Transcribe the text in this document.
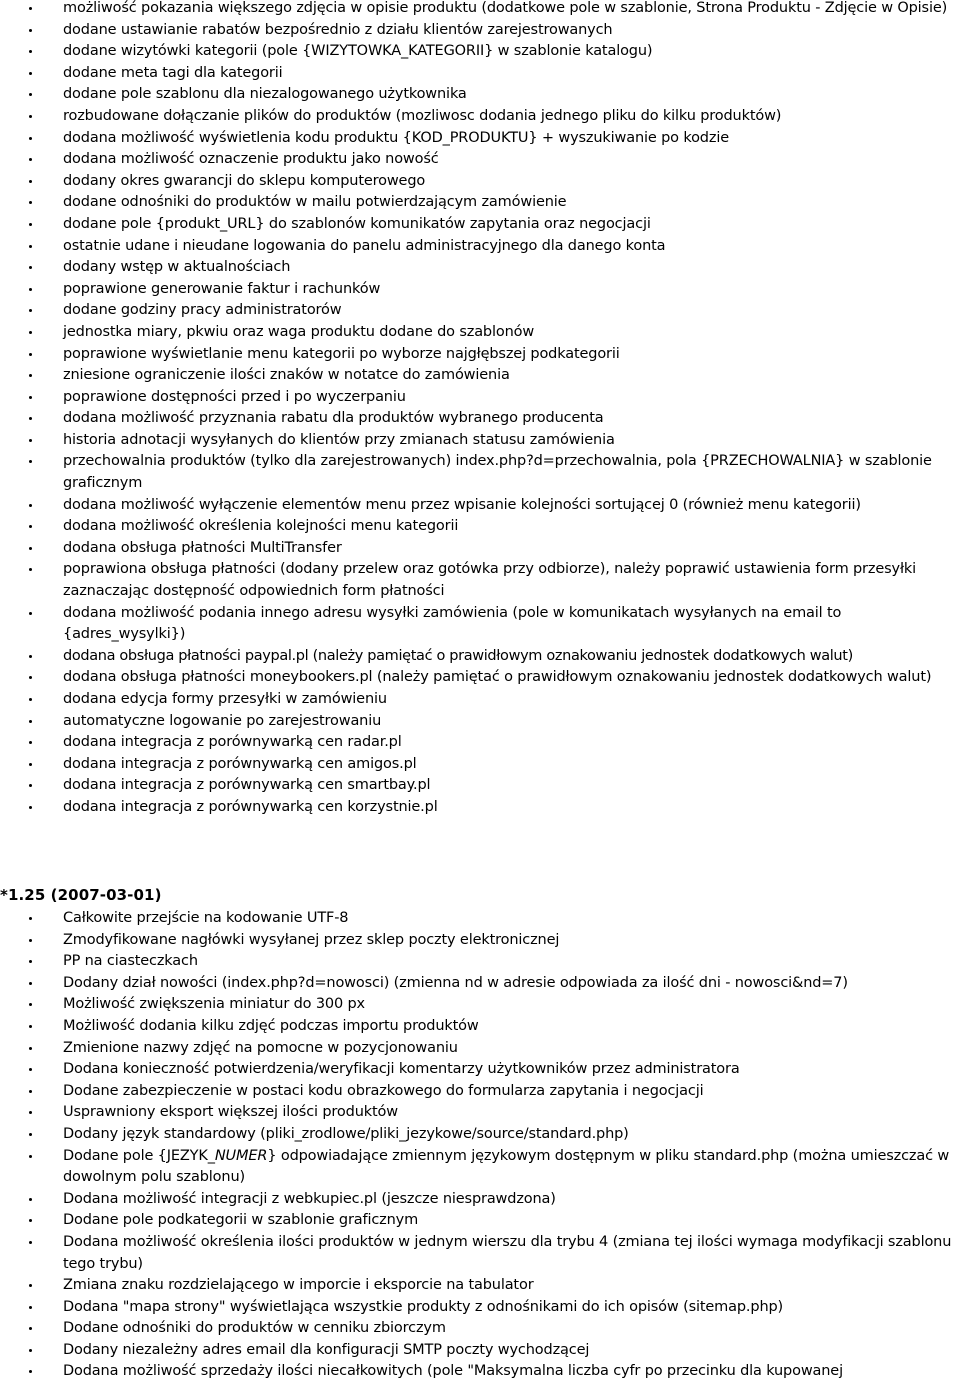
możliwość pokazania większego zdjęcia w opisie produktu (dodatkowe pole w szablonie, Strona Produktu - Zdjęcie w Opisie)
dodane ustawianie rabatów bezpośrednio z działu klientów zarejestrowanych
dodane wizytówki kategorii (pole {WIZYTOWKA_KATEGORII} w szablonie katalogu)
dodane meta tagi dla kategorii
dodane pole szablonu dla niezalogowanego użytkownika
rozbudowane dołączanie plików do produktów (mozliwosc dodania jednego pliku do kilku produktów)
dodana możliwość wyświetlenia kodu produktu {KOD_PRODUKTU} + wyszukiwanie po kodzie
dodana możliwość oznaczenie produktu jako nowość
dodany okres gwarancji do sklepu komputerowego
dodane odnośniki do produktów w mailu potwierdzającym zamówienie
dodane pole {produkt_URL} do szablonów komunikatów zapytania oraz negocjacji
ostatnie udane i nieudane logowania do panelu administracyjnego dla danego konta
dodany wstęp w aktualnościach
poprawione generowanie faktur i rachunków
dodane godziny pracy administratorów
jednostka miary, pkwiu oraz waga produktu dodane do szablonów
poprawione wyświetlanie menu kategorii po wyborze najgłębszej podkategorii
zniesione ograniczenie ilości znaków w notatce do zamówienia
poprawione dostępności przed i po wyczerpaniu
dodana możliwość przyznania rabatu dla produktów wybranego producenta
historia adnotacji wysyłanych do klientów przy zmianach statusu zamówienia
przechowalnia produktów (tylko dla zarejestrowanych) index.php?d=przechowalnia, pola {PRZECHOWALNIA} w szablonie graficznym
dodana możliwość wyłączenie elementów menu przez wpisanie kolejności sortującej 0 (również menu kategorii)
dodana możliwość określenia kolejności menu kategorii
dodana obsługa płatności MultiTransfer
poprawiona obsługa płatności (dodany przelew oraz gotówka przy odbiorze), należy poprawić ustawienia form przesyłki zaznaczając dostępność odpowiednich form płatności
dodana możliwość podania innego adresu wysyłki zamówienia (pole w komunikatach wysyłanych na email to {adres_wysylki})
dodana obsługa płatności paypal.pl (należy pamiętać o prawidłowym oznakowaniu jednostek dodatkowych walut)
dodana obsługa płatności moneybookers.pl (należy pamiętać o prawidłowym oznakowaniu jednostek dodatkowych walut)
dodana edycja formy przesyłki w zamówieniu
automatyczne logowanie po zarejestrowaniu
dodana integracja z porównywarką cen radar.pl
dodana integracja z porównywarką cen amigos.pl
dodana integracja z porównywarką cen smartbay.pl
dodana integracja z porównywarką cen korzystnie.pl
*1.25 (2007-03-01)
Całkowite przejście na kodowanie UTF-8
Zmodyfikowane nagłówki wysyłanej przez sklep poczty elektronicznej
PP na ciasteczkach
Dodany dział nowości (index.php?d=nowosci) (zmienna nd w adresie odpowiada za ilość dni - nowosci&nd=7)
Możliwość zwiększenia miniatur do 300 px
Możliwość dodania kilku zdjęć podczas importu produktów
Zmienione nazwy zdjęć na pomocne w pozycjonowaniu
Dodana konieczność potwierdzenia/weryfikacji komentarzy użytkowników przez administratora
Dodane zabezpieczenie w postaci kodu obrazkowego do formularza zapytania i negocjacji
Usprawniony eksport większej ilości produktów
Dodany język standardowy (pliki_zrodlowe/pliki_jezykowe/source/standard.php)
Dodane pole {JEZYK_NUMER} odpowiadające zmiennym językowym dostępnym w pliku standard.php (można umieszczać w dowolnym polu szablonu)
Dodana możliwość integracji z webkupiec.pl (jeszcze niesprawdzona)
Dodane pole podkategorii w szablonie graficznym
Dodana możliwość określenia ilości produktów w jednym wierszu dla trybu 4 (zmiana tej ilości wymaga modyfikacji szablonu tego trybu)
Zmiana znaku rozdzielającego w imporcie i eksporcie na tabulator
Dodana "mapa strony" wyświetlająca wszystkie produkty z odnośnikami do ich opisów (sitemap.php)
Dodane odnośniki do produktów w cenniku zbiorczym
Dodany niezależny adres email dla konfiguracji SMTP poczty wychodzącej
Dodana możliwość sprzedaży ilości niecałkowitych (pole "Maksymalna liczba cyfr po przecinku dla kupowanej
